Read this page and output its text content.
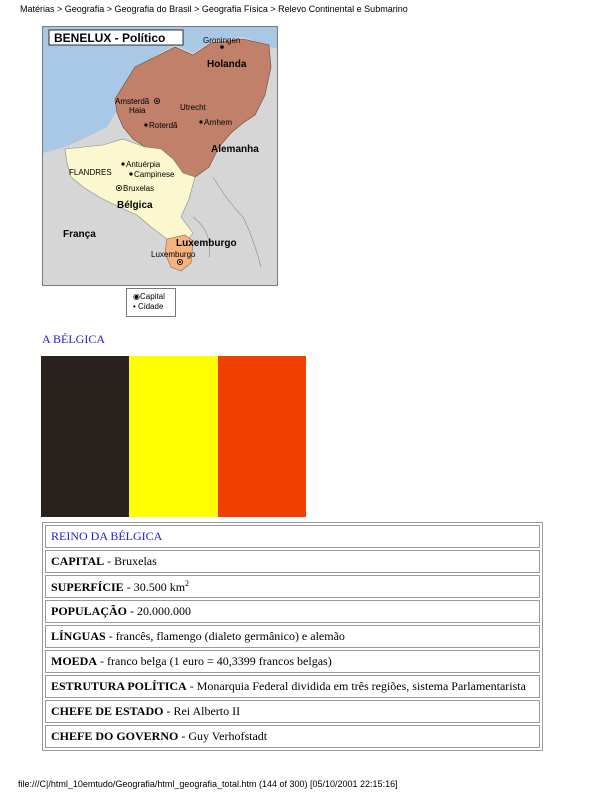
Matérias > Geografia > Geografia do Brasil > Geografia Física > Relevo Continental e Submarino
BENELUX - Político	Groningen
Holanda
Amsterdã
Haia	Utrecht
Roterdã	Arnhem
Alemanha
FLANDRES
Antuérpia
Campinese
Bruxelas
Bélgica
França
Luxemburgo
Luxemburgo
◉Capital
• Cidade
A BÉLGICA
REINO DA BÉLGICA
CAPITAL - Bruxelas
SUPERFÍCIE - 30.500 $km^2$
POPULAÇÃO - 20.000.000
LÍNGUAS - francês, flamengo (dialeto germânico) e alemão
MOEDA - franco belga (1 euro = 40,3399 francos belgas)
ESTRUTURA POLÍTICA - Monarquia Federal dividida em três regiões, sistema Parlamentarista
CHEFE DE ESTADO - Rei Alberto II
CHEFE DO GOVERNO - Guy Verhofstadt
file:///C|/html_10emtudo/Geografia/html_geografia_total.htm (144 of 300) [05/10/2001 22:15:16]
